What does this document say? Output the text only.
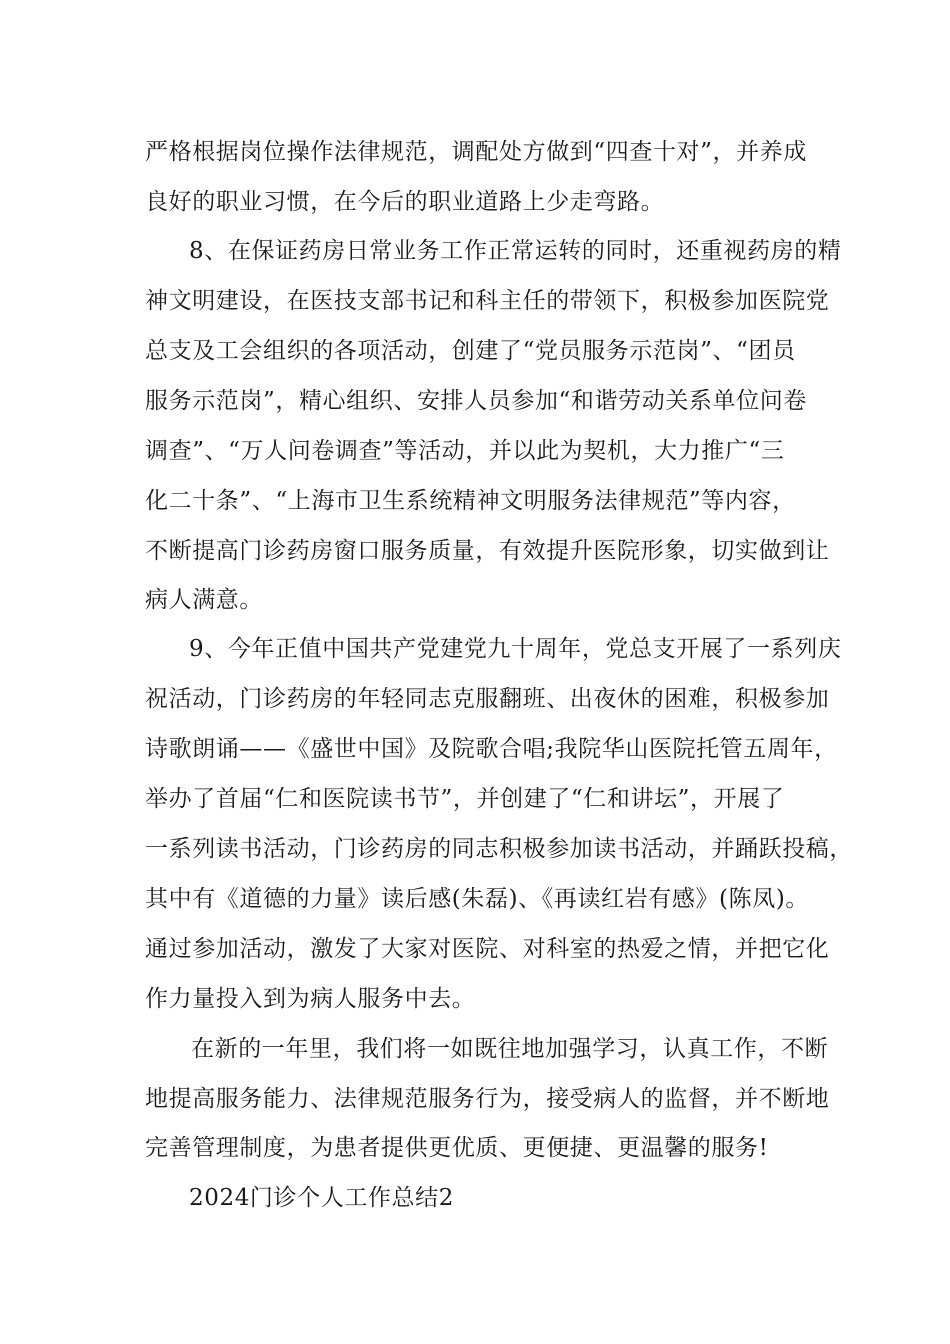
严格根据岗位操作法律规范，调配处方做到“四查十对”，并养成
良好的职业习惯，在今后的职业道路上少走弯路。
8、在保证药房日常业务工作正常运转的同时，还重视药房的精
神文明建设，在医技支部书记和科主任的带领下，积极参加医院党
总支及工会组织的各项活动，创建了“党员服务示范岗”、“团员
服务示范岗”，精心组织、安排人员参加“和谐劳动关系单位问卷
调查”、“万人问卷调查”等活动，并以此为契机，大力推广“三
化二十条”、“上海市卫生系统精神文明服务法律规范”等内容，
不断提高门诊药房窗口服务质量，有效提升医院形象，切实做到让
病人满意。
9、今年正值中国共产党建党九十周年，党总支开展了一系列庆
祝活动，门诊药房的年轻同志克服翻班、出夜休的困难，积极参加
诗歌朗诵——《盛世中国》及院歌合唱;我院华山医院托管五周年，
举办了首届“仁和医院读书节”，并创建了“仁和讲坛”，开展了
一系列读书活动，门诊药房的同志积极参加读书活动，并踊跃投稿，
其中有《道德的力量》读后感(朱磊)、《再读红岩有感》(陈凤)。
通过参加活动，激发了大家对医院、对科室的热爱之情，并把它化
作力量投入到为病人服务中去。
在新的一年里，我们将一如既往地加强学习，认真工作，不断
地提高服务能力、法律规范服务行为，接受病人的监督，并不断地
完善管理制度，为患者提供更优质、更便捷、更温馨的服务!
2024门诊个人工作总结2
